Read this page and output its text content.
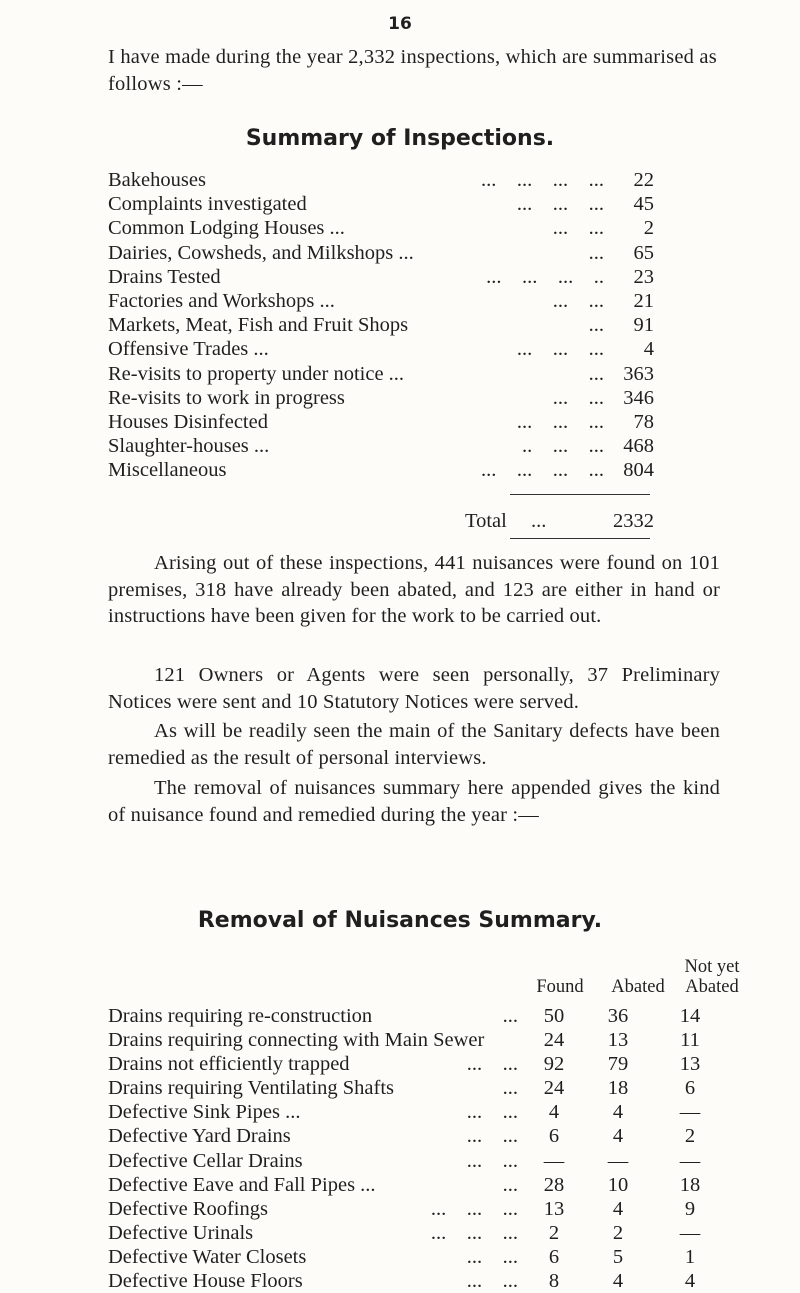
16
I have made during the year 2,332 inspections, which are summarised as follows :—
Summary of Inspections.
Bakehouses	...    ...    ...    ... 22
Complaints investigated	...    ...    ... 45
Common Lodging Houses ...	...    ... 2
Dairies, Cowsheds, and Milkshops ...	... 65
Drains Tested	...    ...    ...    .. 23
Factories and Workshops ...	...    ... 21
Markets, Meat, Fish and Fruit Shops	... 91
Offensive Trades ...	...    ...    ... 4
Re-visits to property under notice ...	... 363
Re-visits to work in progress	...    ... 346
Houses Disinfected	...    ...    ... 78
Slaughter-houses ...	..    ...    ... 468
Miscellaneous	...    ...    ...    ... 804
Total ...	2332
Arising out of these inspections, 441 nuisances were found on 101 premises, 318 have already been abated, and 123 are either in hand or instructions have been given for the work to be carried out.
121 Owners or Agents were seen personally, 37 Preliminary Notices were sent and 10 Statutory Notices were served.
As will be readily seen the main of the Sanitary defects have been remedied as the result of personal interviews.
The removal of nuisances summary here appended gives the kind of nuisance found and remedied during the year :—
Removal of Nuisances Summary.
Found	Abated
Not yet
Abated
Drains requiring re-construction	...	50	36	14
Drains requiring connecting with Main Sewer	24	13	11
Drains not efficiently trapped	...    ...	92	79	13
Drains requiring Ventilating Shafts	...	24	18	6
Defective Sink Pipes ...	...    ...	4	4	—
Defective Yard Drains	...    ...	6	4	2
Defective Cellar Drains	...    ...	—	—	—
Defective Eave and Fall Pipes ...	...	28	10	18
Defective Roofings	...    ...    ...	13	4	9
Defective Urinals	...    ...    ...	2	2	—
Defective Water Closets	...    ...	6	5	1
Defective House Floors	...    ...	8	4	4
